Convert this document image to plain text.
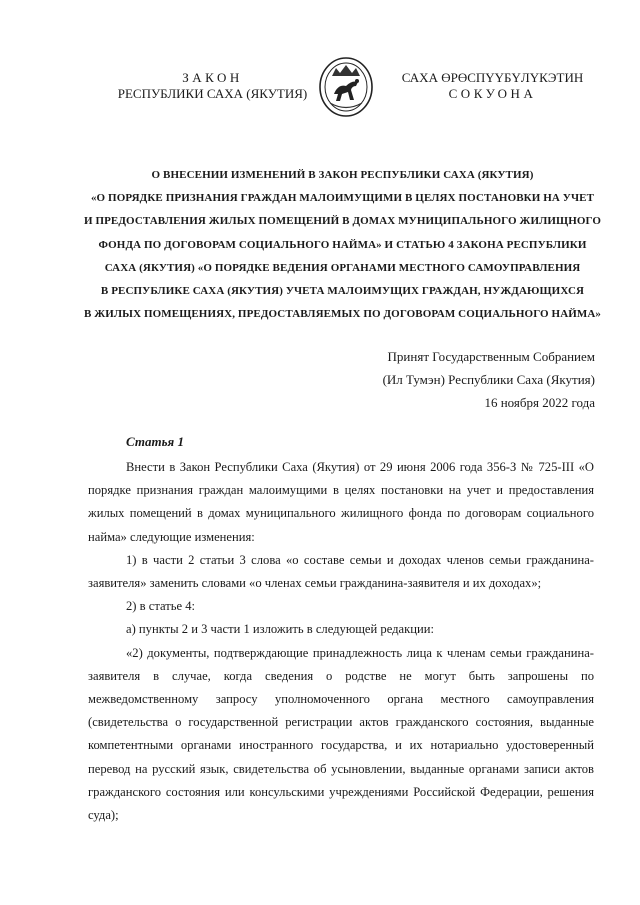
ЗАКОН
РЕСПУБЛИКИ САХА (ЯКУТИЯ)
САХА ӨРӨСПҮҮБҮЛҮКЭТИН
СОКУОНА
О ВНЕСЕНИИ ИЗМЕНЕНИЙ В ЗАКОН РЕСПУБЛИКИ САХА (ЯКУТИЯ)
«О ПОРЯДКЕ ПРИЗНАНИЯ ГРАЖДАН МАЛОИМУЩИМИ В ЦЕЛЯХ ПОСТАНОВКИ НА УЧЕТ
И ПРЕДОСТАВЛЕНИЯ ЖИЛЫХ ПОМЕЩЕНИЙ В ДОМАХ МУНИЦИПАЛЬНОГО ЖИЛИЩНОГО
ФОНДА ПО ДОГОВОРАМ СОЦИАЛЬНОГО НАЙМА» И СТАТЬЮ 4 ЗАКОНА РЕСПУБЛИКИ
САХА (ЯКУТИЯ) «О ПОРЯДКЕ ВЕДЕНИЯ ОРГАНАМИ МЕСТНОГО САМОУПРАВЛЕНИЯ
В РЕСПУБЛИКЕ САХА (ЯКУТИЯ) УЧЕТА МАЛОИМУЩИХ ГРАЖДАН, НУЖДАЮЩИХСЯ
В ЖИЛЫХ ПОМЕЩЕНИЯХ, ПРЕДОСТАВЛЯЕМЫХ ПО ДОГОВОРАМ СОЦИАЛЬНОГО НАЙМА»
Принят Государственным Собранием
(Ил Тумэн) Республики Саха (Якутия)
16 ноября 2022 года
Статья 1

Внести в Закон Республики Саха (Якутия) от 29 июня 2006 года 356-З № 725-III «О порядке признания граждан малоимущими в целях постановки на учет и предоставления жилых помещений в домах муниципального жилищного фонда по договорам социального найма» следующие изменения:

1) в части 2 статьи 3 слова «о составе семьи и доходах членов семьи гражданина-заявителя» заменить словами «о членах семьи гражданина-заявителя и их доходах»;

2) в статье 4:

а) пункты 2 и 3 части 1 изложить в следующей редакции:

«2) документы, подтверждающие принадлежность лица к членам семьи гражданина-заявителя в случае, когда сведения о родстве не могут быть запрошены по межведомственному запросу уполномоченного органа местного самоуправления (свидетельства о государственной регистрации актов гражданского состояния, выданные компетентными органами иностранного государства, и их нотариально удостоверенный перевод на русский язык, свидетельства об усыновлении, выданные органами записи актов гражданского состояния или консульскими учреждениями Российской Федерации, решения суда);
